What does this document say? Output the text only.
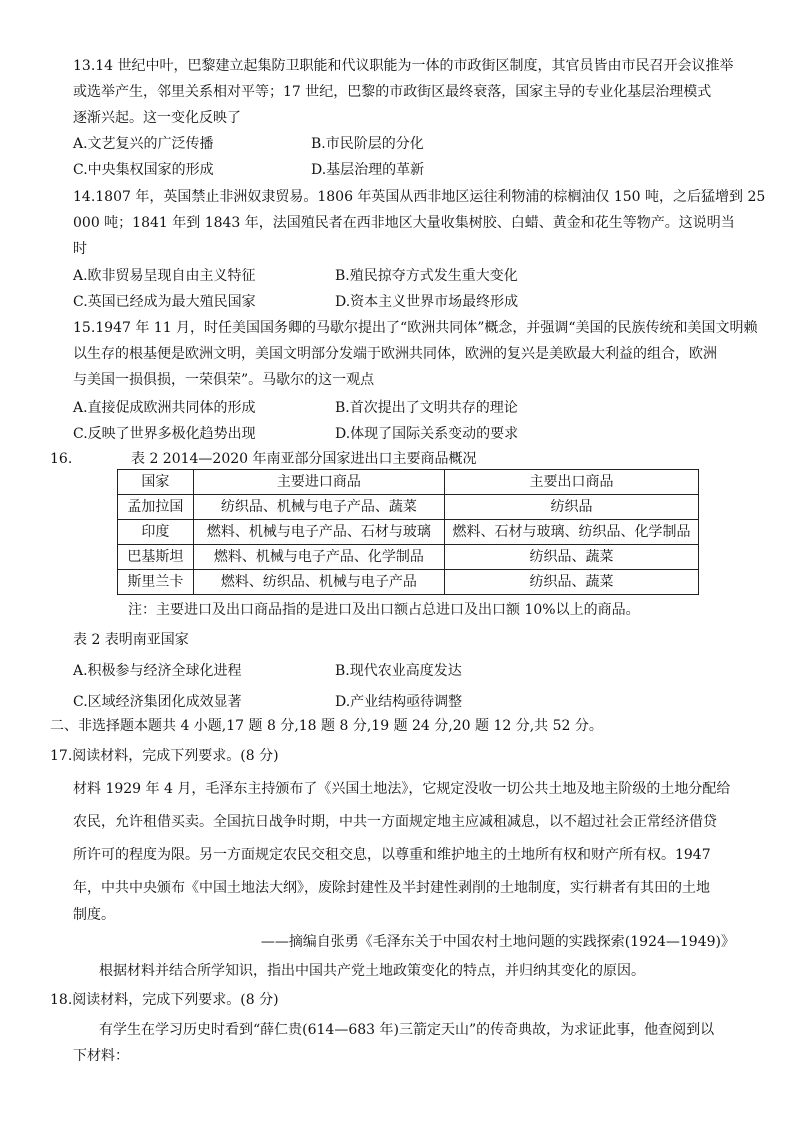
13.14 世纪中叶，巴黎建立起集防卫职能和代议职能为一体的市政街区制度，其官员皆由市民召开会议推举
或选举产生，邻里关系相对平等；17 世纪，巴黎的市政街区最终衰落，国家主导的专业化基层治理模式
逐渐兴起。这一变化反映了
A.文艺复兴的广泛传播	B.市民阶层的分化
C.中央集权国家的形成	D.基层治理的革新
14.1807 年，英国禁止非洲奴隶贸易。1806 年英国从西非地区运往利物浦的棕榈油仅 150 吨，之后猛增到 25
000 吨；1841 年到 1843 年，法国殖民者在西非地区大量收集树胶、白蜡、黄金和花生等物产。这说明当
时
A.欧非贸易呈现自由主义特征	B.殖民掠夺方式发生重大变化
C.英国已经成为最大殖民国家	D.资本主义世界市场最终形成
15.1947 年 11 月，时任美国国务卿的马歇尔提出了“欧洲共同体”概念，并强调“美国的民族传统和美国文明赖
以生存的根基便是欧洲文明，美国文明部分发端于欧洲共同体，欧洲的复兴是美欧最大利益的组合，欧洲
与美国一损俱损，一荣俱荣”。马歇尔的这一观点
A.直接促成欧洲共同体的形成	B.首次提出了文明共存的理论
C.反映了世界多极化趋势出现	D.体现了国际关系变动的要求
16.	表 2 2014—2020 年南亚部分国家进出口主要商品概况
国家	主要进口商品	主要出口商品
孟加拉国	纺织品、机械与电子产品、蔬菜	纺织品
印度	燃料、机械与电子产品、石材与玻璃	燃料、石材与玻璃、纺织品、化学制品
巴基斯坦	燃料、机械与电子产品、化学制品	纺织品、蔬菜
斯里兰卡	燃料、纺织品、机械与电子产品	纺织品、蔬菜
注：主要进口及出口商品指的是进口及出口额占总进口及出口额 10%以上的商品。
表 2 表明南亚国家
A.积极参与经济全球化进程	B.现代农业高度发达
C.区域经济集团化成效显著	D.产业结构亟待调整
二、非选择题本题共 4 小题,17 题 8 分,18 题 8 分,19 题 24 分,20 题 12 分,共 52 分。
17.阅读材料，完成下列要求。(8 分)
材料 1929 年 4 月，毛泽东主持颁布了《兴国土地法》，它规定没收一切公共土地及地主阶级的土地分配给
农民，允许租借买卖。全国抗日战争时期，中共一方面规定地主应减租减息，以不超过社会正常经济借贷
所许可的程度为限。另一方面规定农民交租交息，以尊重和维护地主的土地所有权和财产所有权。1947
年，中共中央颁布《中国土地法大纲》，废除封建性及半封建性剥削的土地制度，实行耕者有其田的土地
制度。
——摘编自张勇《毛泽东关于中国农村土地问题的实践探索(1924—1949)》
根据材料并结合所学知识，指出中国共产党土地政策变化的特点，并归纳其变化的原因。
18.阅读材料，完成下列要求。(8 分)
有学生在学习历史时看到“薛仁贵(614—683 年)三箭定天山”的传奇典故，为求证此事，他查阅到以
下材料：
